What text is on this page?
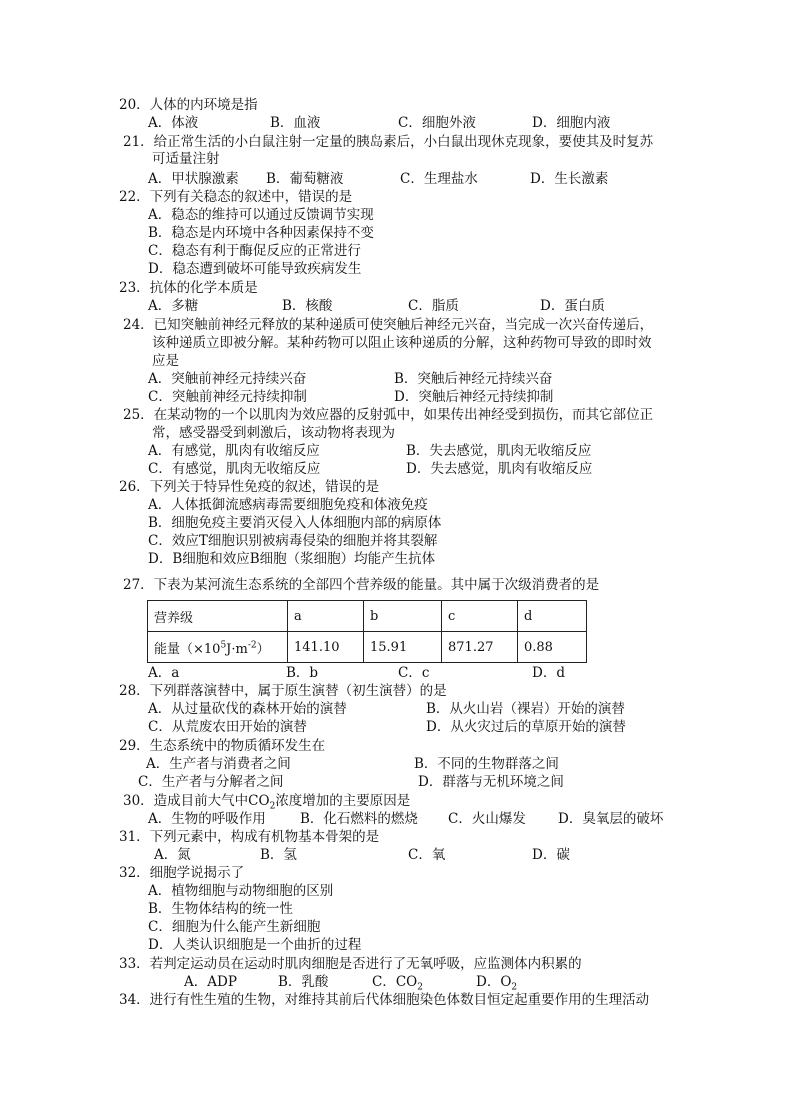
20．人体的内环境是指
A．体液	B．血液	C．细胞外液	D．细胞内液
21．给正常生活的小白鼠注射一定量的胰岛素后，小白鼠出现休克现象，要使其及时复苏
可适量注射
A．甲状腺激素 B．葡萄糖液	C．生理盐水	D．生长激素
22．下列有关稳态的叙述中，错误的是
A．稳态的维持可以通过反馈调节实现
B．稳态是内环境中各种因素保持不变
C．稳态有利于酶促反应的正常进行
D．稳态遭到破坏可能导致疾病发生
23．抗体的化学本质是
A．多糖	B．核酸	C．脂质	D．蛋白质
24．已知突触前神经元释放的某种递质可使突触后神经元兴奋，当完成一次兴奋传递后，
该种递质立即被分解。某种药物可以阻止该种递质的分解，这种药物可导致的即时效
应是
A．突触前神经元持续兴奋	B．突触后神经元持续兴奋
C．突触前神经元持续抑制	D．突触后神经元持续抑制
25．在某动物的一个以肌肉为效应器的反射弧中，如果传出神经受到损伤，而其它部位正
常，感受器受到刺激后，该动物将表现为
A．有感觉，肌肉有收缩反应	B．失去感觉，肌肉无收缩反应
C．有感觉，肌肉无收缩反应	D．失去感觉，肌肉有收缩反应
26．下列关于特异性免疫的叙述，错误的是
A．人体抵御流感病毒需要细胞免疫和体液免疫
B．细胞免疫主要消灭侵入人体细胞内部的病原体
C．效应T细胞识别被病毒侵染的细胞并将其裂解
D．B细胞和效应B细胞（浆细胞）均能产生抗体
27．下表为某河流生态系统的全部四个营养级的能量。其中属于次级消费者的是
营养级	a	b	c	d
能量$(\times 10^5J\cdot m^{-2})$	141.10	15.91	871.27	0.88
A．a	B．b	C．c	D．d
28．下列群落演替中，属于原生演替（初生演替）的是
A．从过量砍伐的森林开始的演替	B．从火山岩（裸岩）开始的演替
C．从荒废农田开始的演替	D．从火灾过后的草原开始的演替
29．生态系统中的物质循环发生在
A．生产者与消费者之间	B．不同的生物群落之间
C．生产者与分解者之间	D．群落与无机环境之间
30．造成目前大气中$CO_2$浓度增加的主要原因是
A．生物的呼吸作用	B．化石燃料的燃烧 C．火山爆发 D．臭氧层的破坏
31．下列元素中，构成有机物基本骨架的是
A．氮	B．氢	C．氧	D．碳
32．细胞学说揭示了
A．植物细胞与动物细胞的区别
B．生物体结构的统一性
C．细胞为什么能产生新细胞
D．人类认识细胞是一个曲折的过程
33．若判定运动员在运动时肌肉细胞是否进行了无氧呼吸，应监测体内积累的
A．ADP	B．乳酸	C．$CO_2$	D．$O_2$
34．进行有性生殖的生物，对维持其前后代体细胞染色体数目恒定起重要作用的生理活动
